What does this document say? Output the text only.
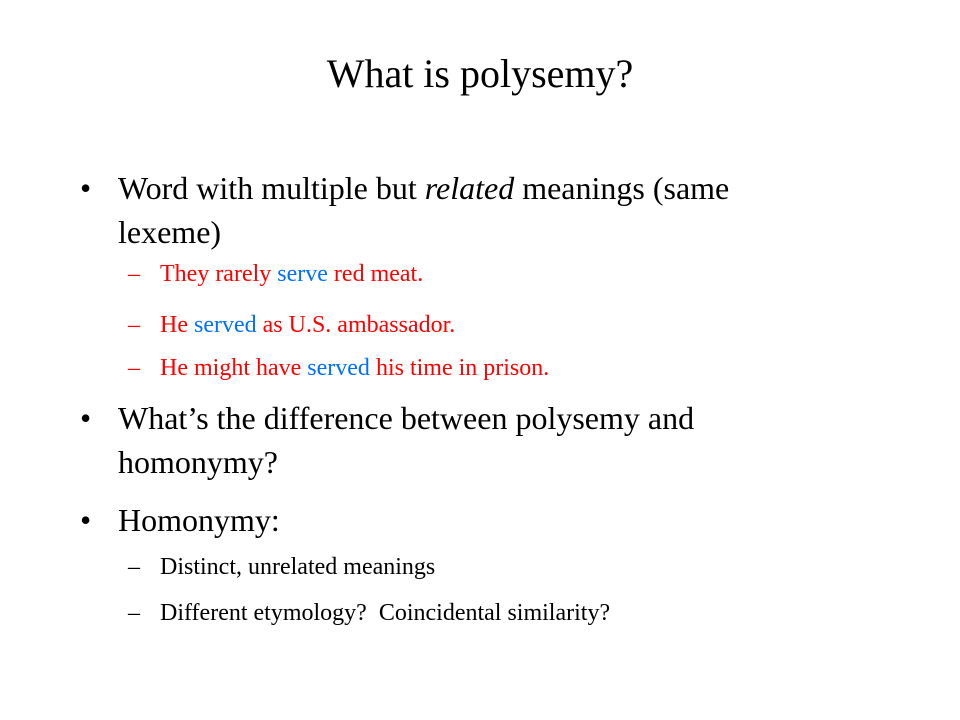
What is polysemy?
• Word with multiple but related meanings (same
lexeme)
– They rarely serve red meat.
– He served as U.S. ambassador.
– He might have served his time in prison.
• What’s the difference between polysemy and
homonymy?
• Homonymy:
– Distinct, unrelated meanings
– Different etymology?  Coincidental similarity?
